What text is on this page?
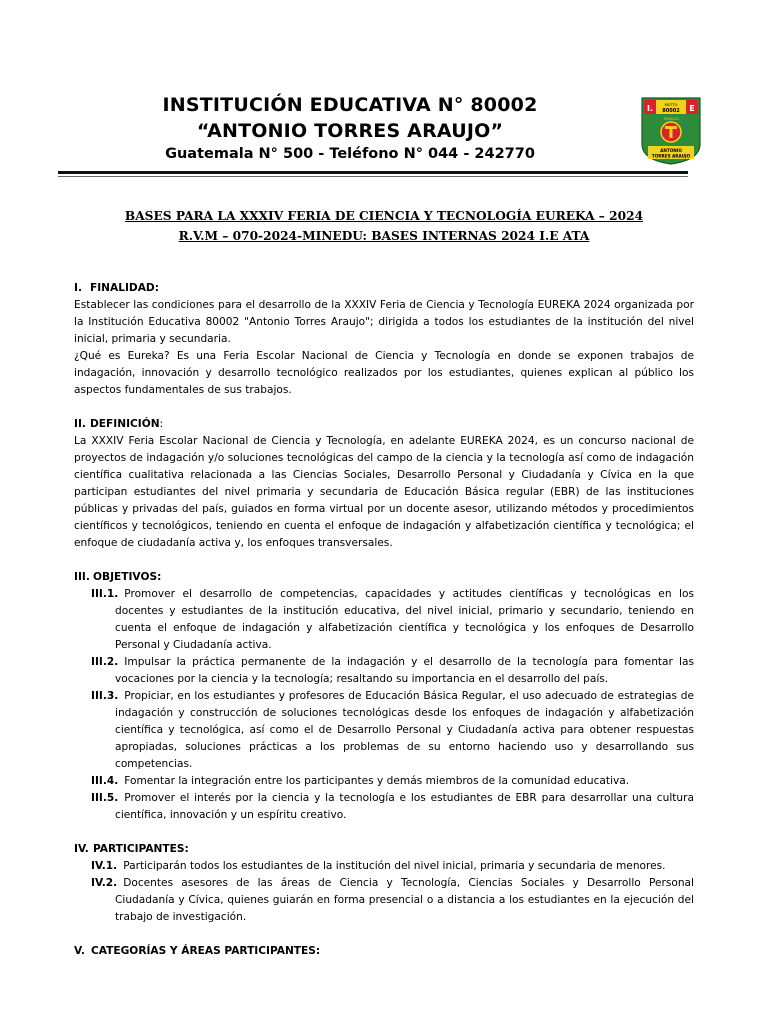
INSTITUCIÓN EDUCATIVA N° 80002
“ANTONIO TORRES ARAUJO”
Guatemala N° 500 - Teléfono N° 044 - 242770
I.	E
MOTTO
80002
TRUJILLO
ANTONIO
TORRES ARAUJO
BASES PARA LA XXXIV FERIA DE CIENCIA Y TECNOLOGÍA EUREKA – 2024
R.V.M – 070-2024-MINEDU: BASES INTERNAS 2024 I.E ATA
I. FINALIDAD:

Establecer las condiciones para el desarrollo de la XXXIV Feria de Ciencia y Tecnología EUREKA 2024 organizada por la Institución Educativa 80002 "Antonio Torres Araujo"; dirigida a todos los estudiantes de la institución del nivel inicial, primaria y secundaria.

¿Qué es Eureka? Es una Feria Escolar Nacional de Ciencia y Tecnología en donde se exponen trabajos de indagación, innovación y desarrollo tecnológico realizados por los estudiantes, quienes explican al público los aspectos fundamentales de sus trabajos.

II. DEFINICIÓN:

La XXXIV Feria Escolar Nacional de Ciencia y Tecnología, en adelante EUREKA 2024, es un concurso nacional de proyectos de indagación y/o soluciones tecnológicas del campo de la ciencia y la tecnología así como de indagación científica cualitativa relacionada a las Ciencias Sociales, Desarrollo Personal y Ciudadanía y Cívica en la que participan estudiantes del nivel primaria y secundaria de Educación Básica regular (EBR) de las instituciones públicas y privadas del país, guiados en forma virtual por un docente asesor, utilizando métodos y procedimientos científicos y tecnológicos, teniendo en cuenta el enfoque de indagación y alfabetización científica y tecnológica; el enfoque de ciudadanía activa y, los enfoques transversales.

III. OBJETIVOS:
III.1. Promover el desarrollo de competencias, capacidades y actitudes científicas y tecnológicas en los docentes y estudiantes de la institución educativa, del nivel inicial, primario y secundario, teniendo en cuenta el enfoque de indagación y alfabetización científica y tecnológica y los enfoques de Desarrollo Personal y Ciudadanía activa.
III.2. Impulsar la práctica permanente de la indagación y el desarrollo de la tecnología para fomentar las vocaciones por la ciencia y la tecnología; resaltando su importancia en el desarrollo del país.
III.3. Propiciar, en los estudiantes y profesores de Educación Básica Regular, el uso adecuado de estrategias de indagación y construcción de soluciones tecnológicas desde los enfoques de indagación y alfabetización científica y tecnológica, así como el de Desarrollo Personal y Ciudadanía activa para obtener respuestas apropiadas, soluciones prácticas a los problemas de su entorno haciendo uso y desarrollando sus competencias.
III.4. Fomentar la integración entre los participantes y demás miembros de la comunidad educativa.
III.5. Promover el interés por la ciencia y la tecnología e los estudiantes de EBR para desarrollar una cultura científica, innovación y un espíritu creativo.
IV. PARTICIPANTES:
IV.1. Participarán todos los estudiantes de la institución del nivel inicial, primaria y secundaria de menores.
IV.2. Docentes asesores de las áreas de Ciencia y Tecnología, Ciencias Sociales y Desarrollo Personal Ciudadanía y Cívica, quienes guiarán en forma presencial o a distancia a los estudiantes en la ejecución del trabajo de investigación.
V. CATEGORÍAS Y ÁREAS PARTICIPANTES:
